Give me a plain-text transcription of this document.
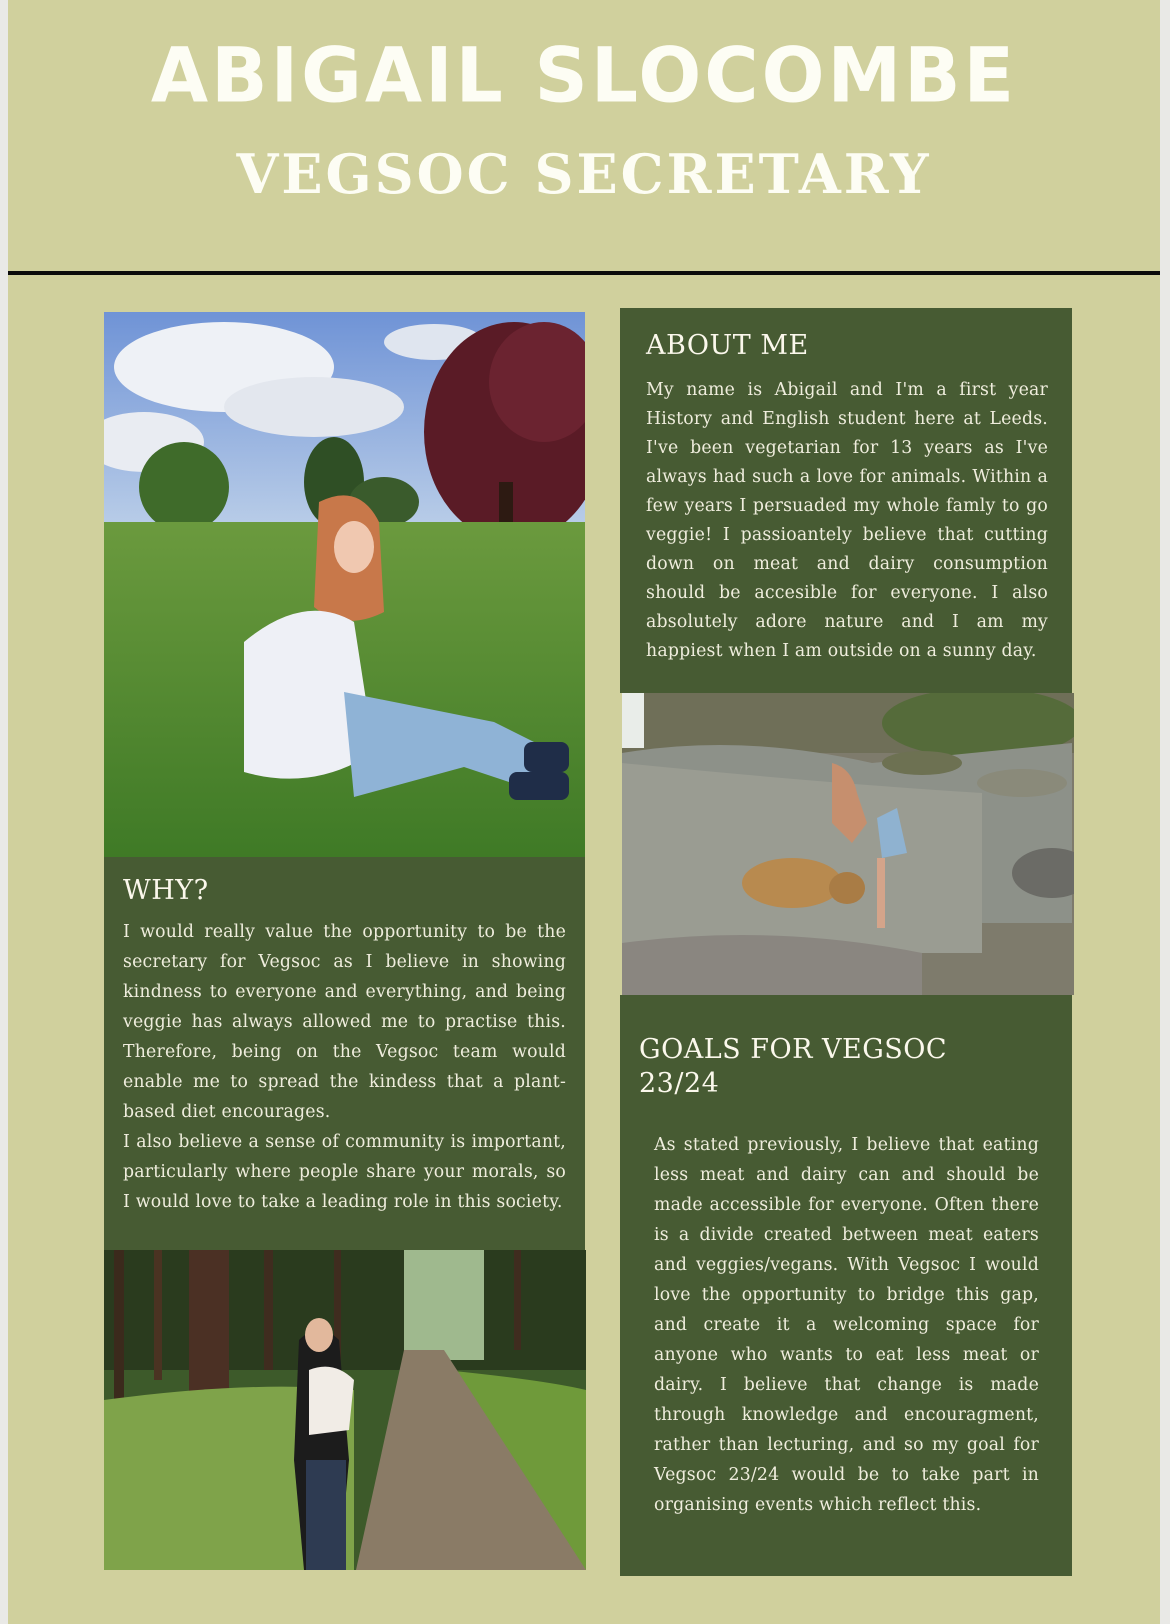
ABIGAIL SLOCOMBE
VEGSOC SECRETARY
ABOUT ME

My name is Abigail and I'm a first year History and English student here at Leeds. I've been vegetarian for 13 years as I've always had such a love for animals. Within a few years I persuaded my whole famly to go veggie! I passioantely believe that cutting down on meat and dairy consumption should be accesible for everyone. I also absolutely adore nature and I am my happiest when I am outside on a sunny day.

WHY?

I would really value the opportunity to be the secretary for Vegsoc as I believe in showing kindness to everyone and everything, and being veggie has always allowed me to practise this. Therefore, being on the Vegsoc team would enable me to spread the kindess that a plant-based diet encourages.

I also believe a sense of community is important, particularly where people share your morals, so I would love to take a leading role in this society.

GOALS FOR VEGSOC
23/24

As stated previously, I believe that eating less meat and dairy can and should be made accessible for everyone. Often there is a divide created between meat eaters and veggies/vegans. With Vegsoc I would love the opportunity to bridge this gap, and create it a welcoming space for anyone who wants to eat less meat or dairy. I believe that change is made through knowledge and encouragment, rather than lecturing, and so my goal for Vegsoc 23/24 would be to take part in organising events which reflect this.
